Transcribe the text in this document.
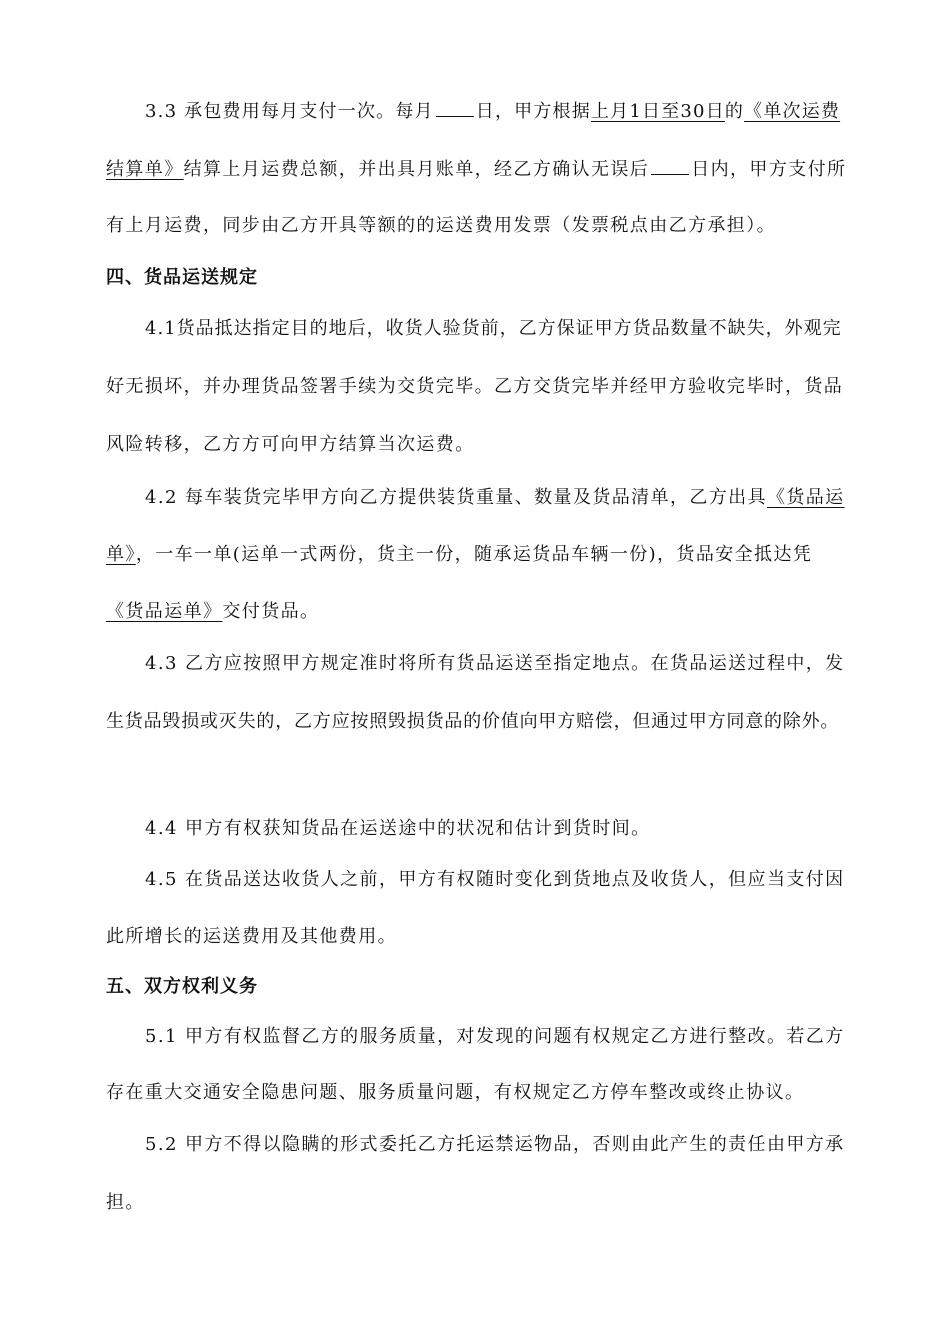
3.3 承包费用每月支付一次。每月 日，甲方根据上月1日至30日的《单次运费
结算单》结算上月运费总额，并出具月账单，经乙方确认无误后 日内，甲方支付所
有上月运费，同步由乙方开具等额的的运送费用发票（发票税点由乙方承担）。
四、货品运送规定
4.1货品抵达指定目的地后，收货人验货前，乙方保证甲方货品数量不缺失，外观完
好无损坏，并办理货品签署手续为交货完毕。乙方交货完毕并经甲方验收完毕时，货品
风险转移，乙方方可向甲方结算当次运费。
4.2 每车装货完毕甲方向乙方提供装货重量、数量及货品清单，乙方出具《货品运
单》，一车一单(运单一式两份，货主一份，随承运货品车辆一份)，货品安全抵达凭
《货品运单》交付货品。
4.3 乙方应按照甲方规定准时将所有货品运送至指定地点。在货品运送过程中，发
生货品毁损或灭失的，乙方应按照毁损货品的价值向甲方赔偿，但通过甲方同意的除外。
4.4 甲方有权获知货品在运送途中的状况和估计到货时间。
4.5 在货品送达收货人之前，甲方有权随时变化到货地点及收货人，但应当支付因
此所增长的运送费用及其他费用。
五、双方权利义务
5.1 甲方有权监督乙方的服务质量，对发现的问题有权规定乙方进行整改。若乙方
存在重大交通安全隐患问题、服务质量问题，有权规定乙方停车整改或终止协议。
5.2 甲方不得以隐瞒的形式委托乙方托运禁运物品，否则由此产生的责任由甲方承
担。
